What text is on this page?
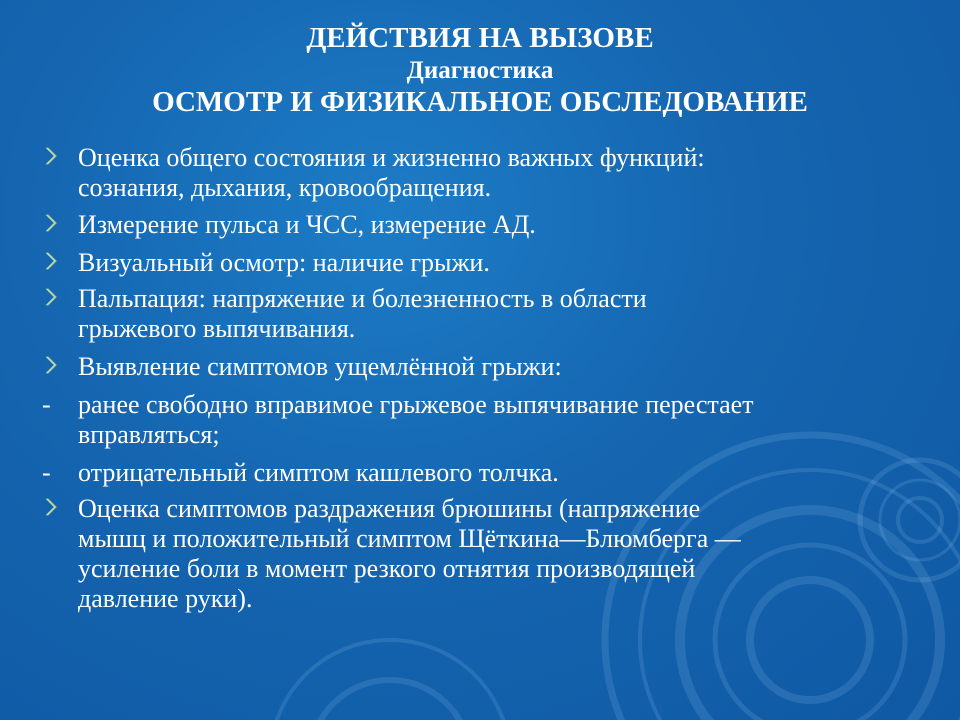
ДЕЙСТВИЯ НА ВЫЗОВЕ
Диагностика
ОСМОТР И ФИЗИКАЛЬНОЕ ОБСЛЕДОВАНИЕ
Оценка общего состояния и жизненно важных функций:
сознания, дыхания, кровообращения.
Измерение пульса и ЧСС, измерение АД.
Визуальный осмотр: наличие грыжи.
Пальпация: напряжение и болезненность в области
грыжевого выпячивания.
Выявление симптомов ущемлённой грыжи:
- ранее свободно вправимое грыжевое выпячивание перестает
вправляться;
- отрицательный симптом кашлевого толчка.
Оценка симптомов раздражения брюшины (напряжение
мышц и положительный симптом Щёткина—Блюмберга —
усиление боли в момент резкого отнятия производящей
давление руки).
